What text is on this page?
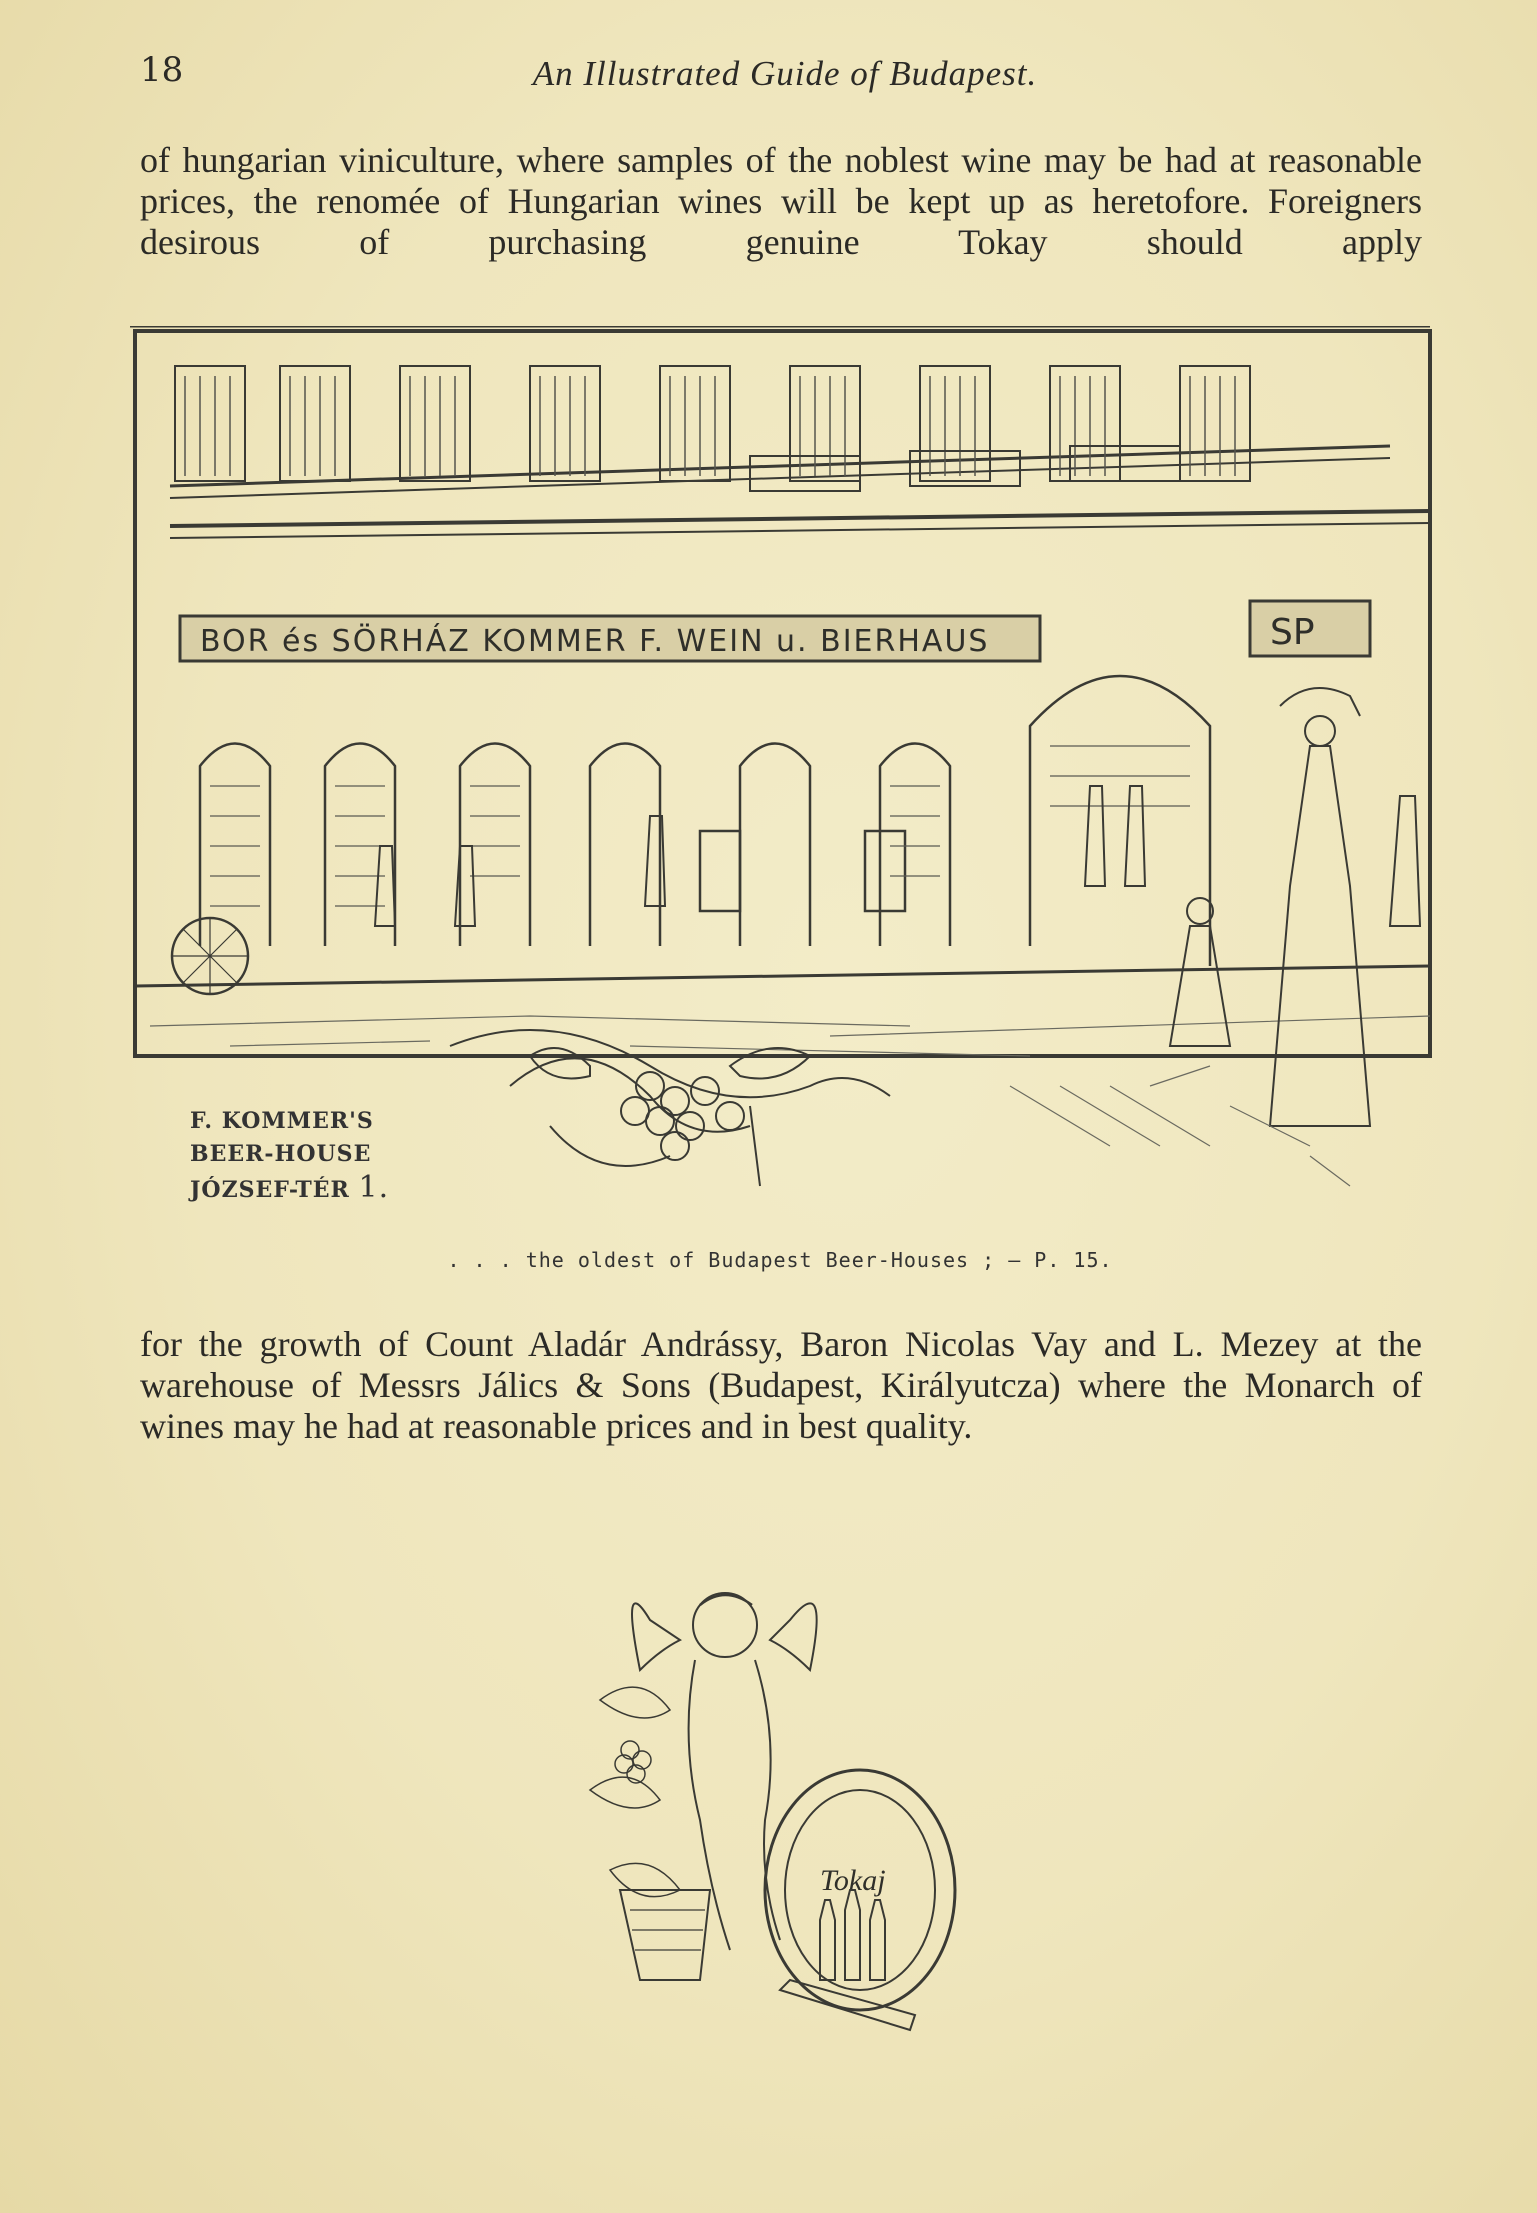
18	An Illustrated Guide of Budapest.

of hungarian viniculture, where samples of the noblest wine may be had at reasonable prices, the renomée of Hungarian wines will be kept up as heretofore. Foreigners desirous of purchasing genuine Tokay should apply

BOR és SÖRHÁZ KOMMER F. WEIN u. BIERHAUS	SP
F. KOMMER'S
BEER-HOUSE
JÓZSEF-TÉR 1.
. . . the oldest of Budapest Beer-Houses ; — P. 15.

for the growth of Count Aladár Andrássy, Baron Nicolas Vay and L. Mezey at the warehouse of Messrs Jálics & Sons (Budapest, Királyutcza) where the Monarch of wines may he had at reasonable prices and in best quality.

Tokaj
